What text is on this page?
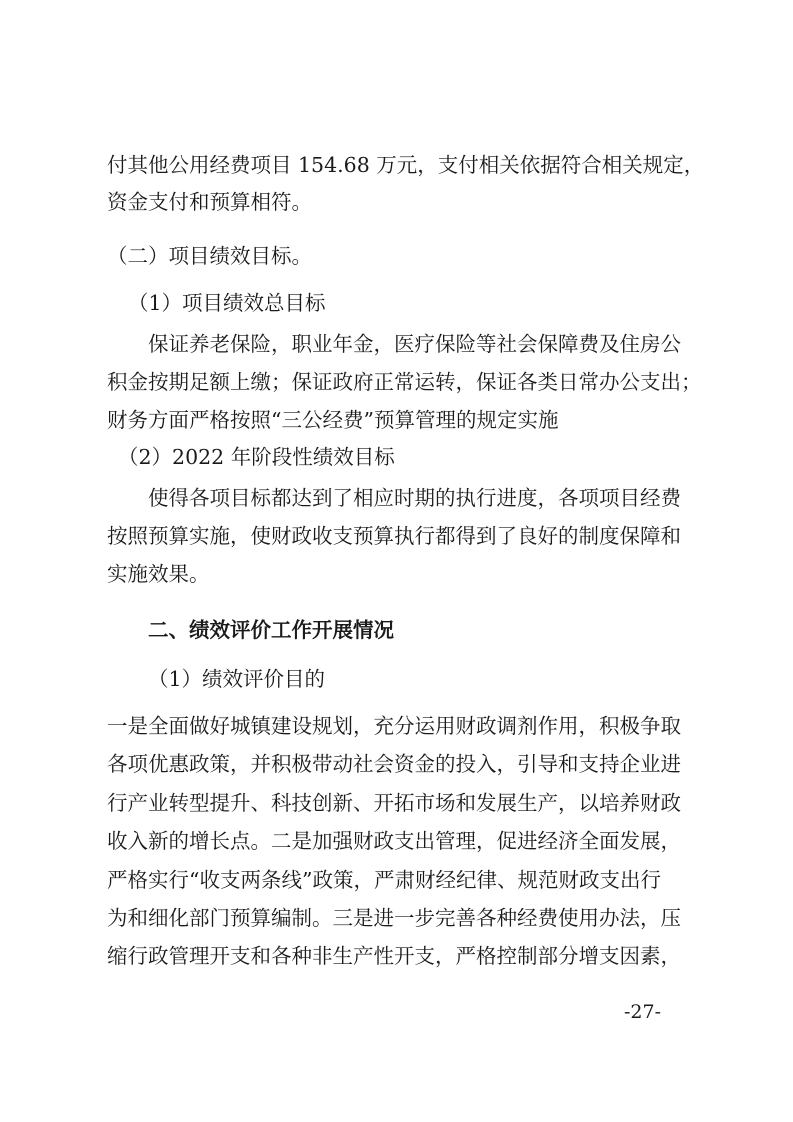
付其他公用经费项目 154.68 万元，支付相关依据符合相关规定，
资金支付和预算相符。
（二）项目绩效目标。
（1）项目绩效总目标
保证养老保险，职业年金，医疗保险等社会保障费及住房公
积金按期足额上缴；保证政府正常运转，保证各类日常办公支出；
财务方面严格按照“三公经费”预算管理的规定实施
（2）2022 年阶段性绩效目标
使得各项目标都达到了相应时期的执行进度，各项项目经费
按照预算实施，使财政收支预算执行都得到了良好的制度保障和
实施效果。
二、绩效评价工作开展情况
（1）绩效评价目的
一是全面做好城镇建设规划，充分运用财政调剂作用，积极争取
各项优惠政策，并积极带动社会资金的投入，引导和支持企业进
行产业转型提升、科技创新、开拓市场和发展生产，以培养财政
收入新的增长点。二是加强财政支出管理，促进经济全面发展，
严格实行“收支两条线”政策，严肃财经纪律、规范财政支出行
为和细化部门预算编制。三是进一步完善各种经费使用办法，压
缩行政管理开支和各种非生产性开支，严格控制部分增支因素，
-27-
